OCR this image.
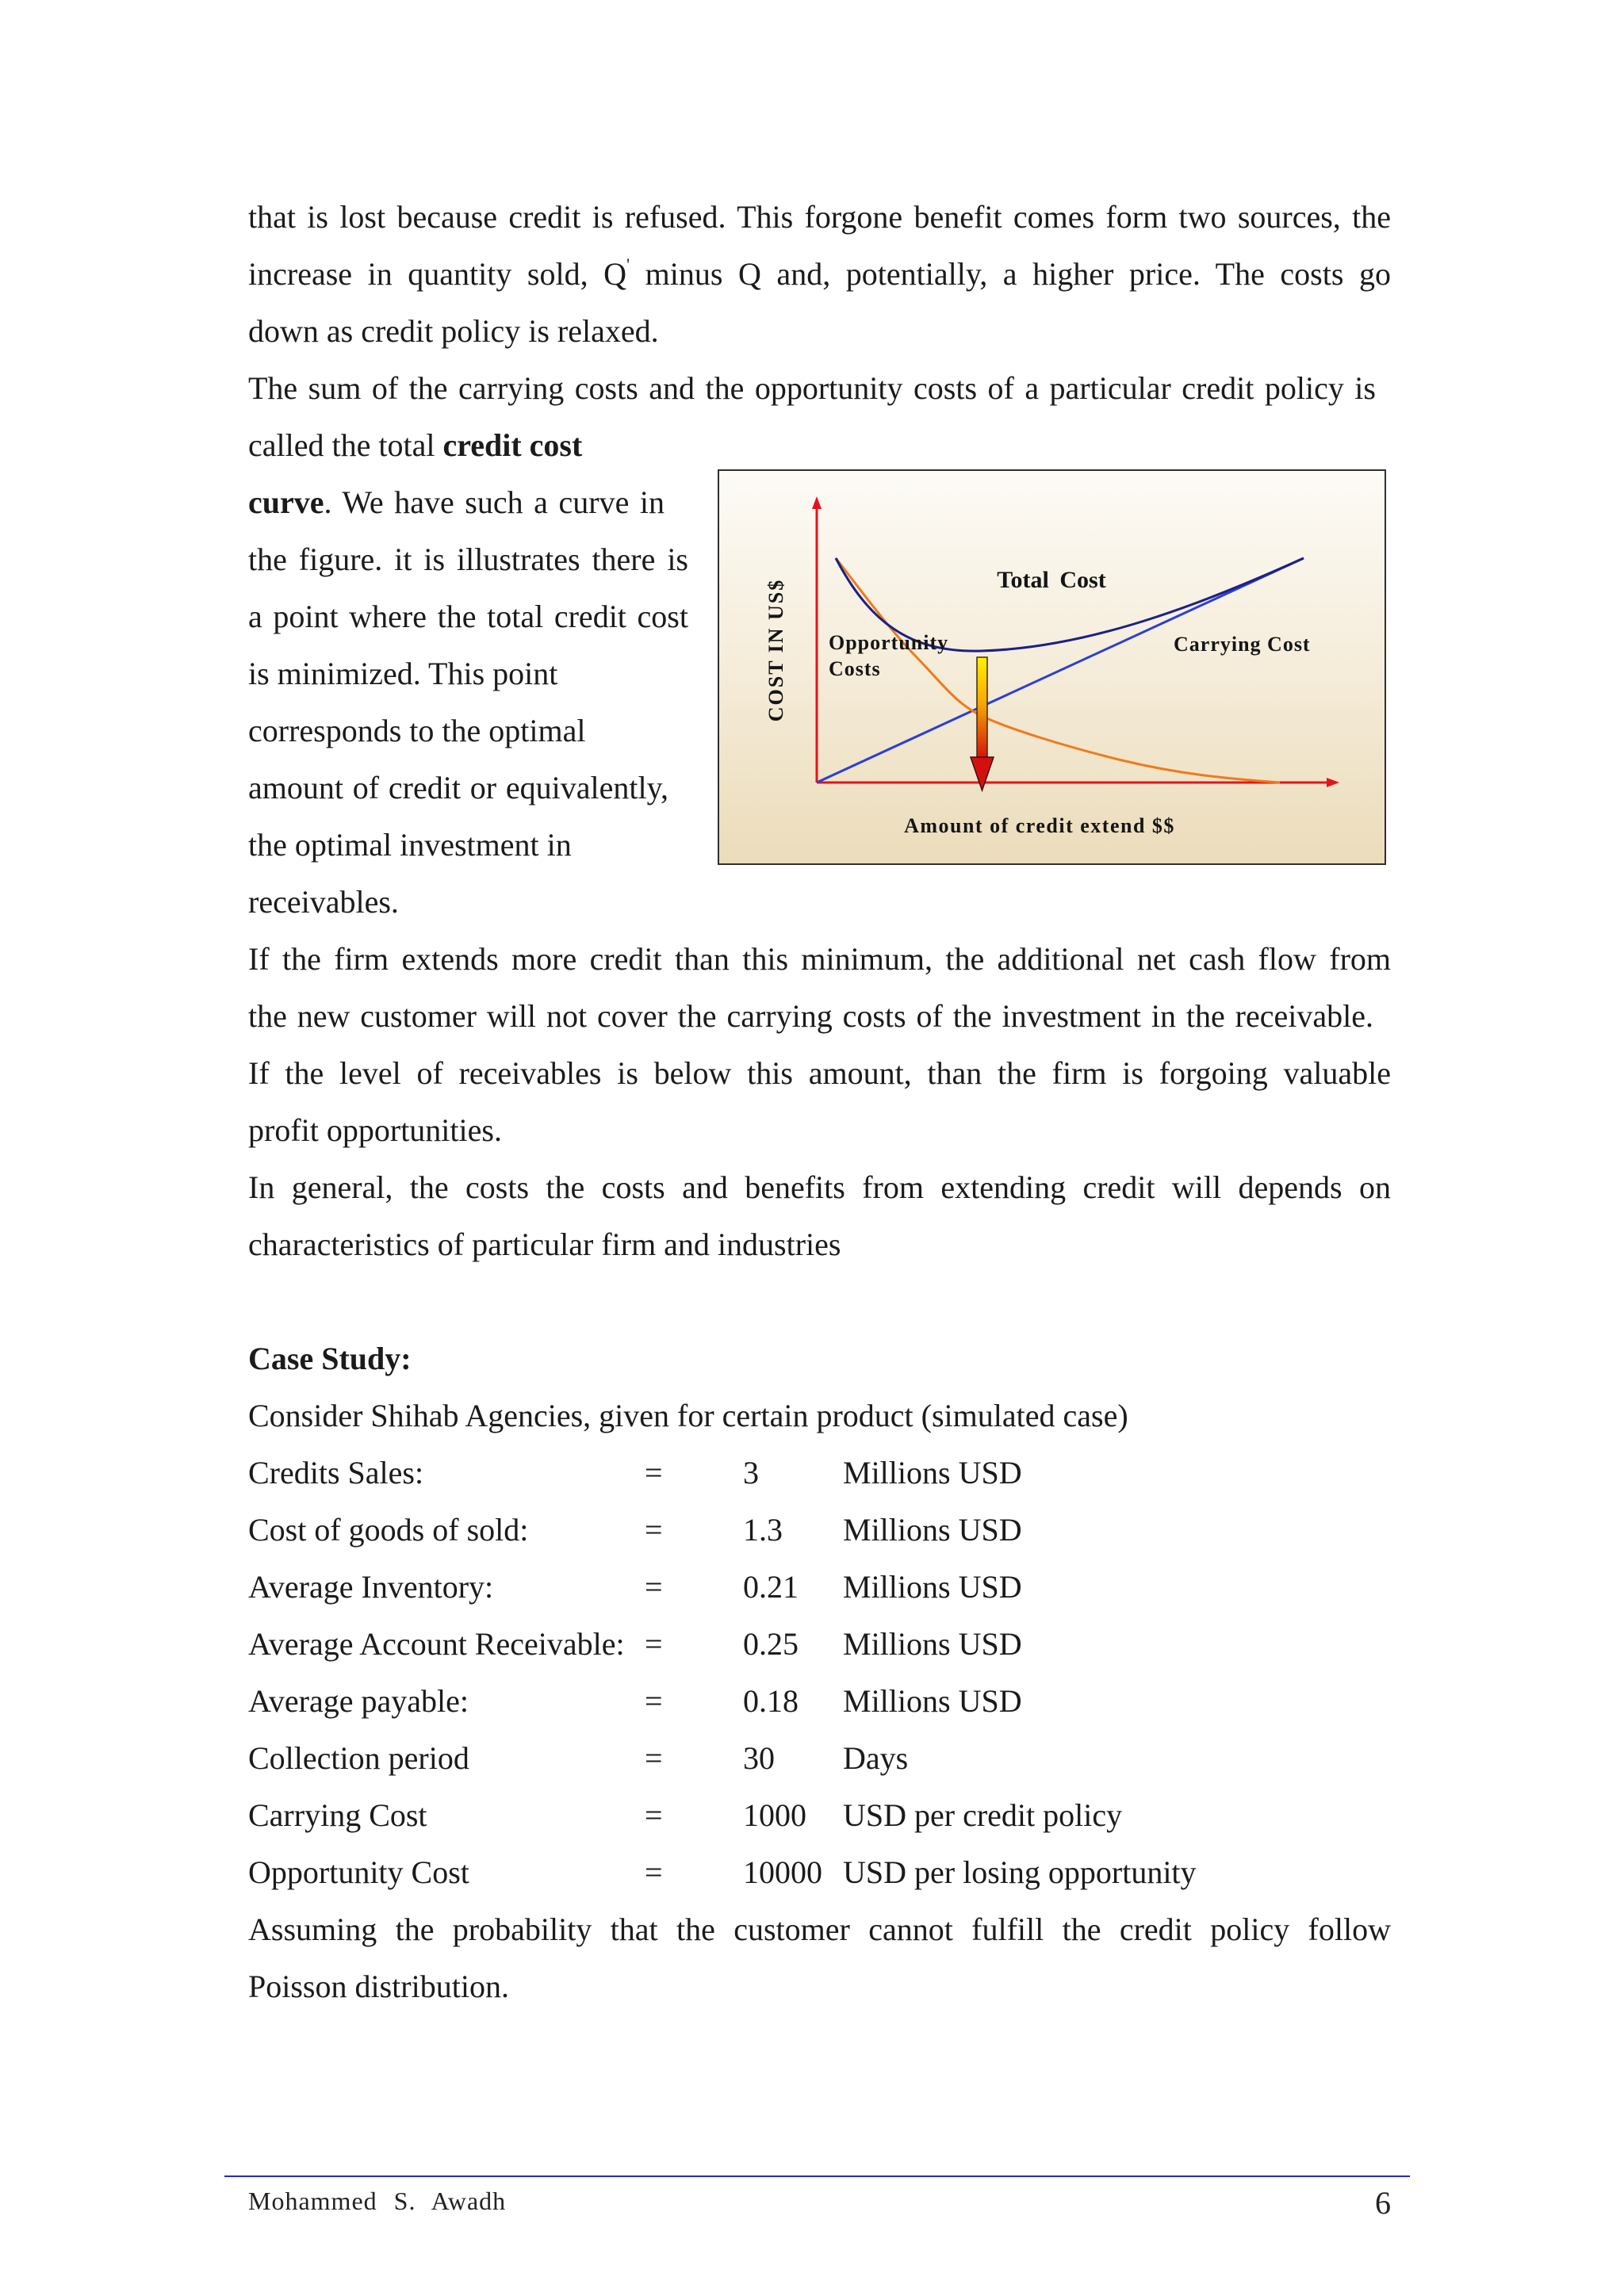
that is lost because credit is refused. This forgone benefit comes form two sources, the
increase in quantity sold, Q' minus Q and, potentially, a higher price. The costs go
down as credit policy is relaxed.
The sum of the carrying costs and the opportunity costs of a particular credit policy is
called the total credit cost
curve. We have such a curve in
the figure. it is illustrates there is
a point where the total credit cost
is minimized. This point
corresponds to the optimal
amount of credit or equivalently,
the optimal investment in
receivables.
If the firm extends more credit than this minimum, the additional net cash flow from
the new customer will not cover the carrying costs of the investment in the receivable.
If the level of receivables is below this amount, than the firm is forgoing valuable
profit opportunities.
In general, the costs the costs and benefits from extending credit will depends on
characteristics of particular firm and industries
Case Study:
Consider Shihab Agencies, given for certain product (simulated case)
Credits Sales:	=	3	Millions USD
Cost of goods of sold:	=	1.3 Millions USD
Average Inventory:	=	0.21 Millions USD
Average Account Receivable: =	0.25 Millions USD
Average payable:	=	0.18 Millions USD
Collection period	=	30 Days
Carrying Cost	=	1000 USD per credit policy
Opportunity Cost	=	10000 USD per losing opportunity
Assuming the probability that the customer cannot fulfill the credit policy follow
Poisson distribution.
Total Cost
Opportunity
Costs
Carrying Cost
Amount of credit extend $$
COST IN US$
Mohammed S. Awadh	6
